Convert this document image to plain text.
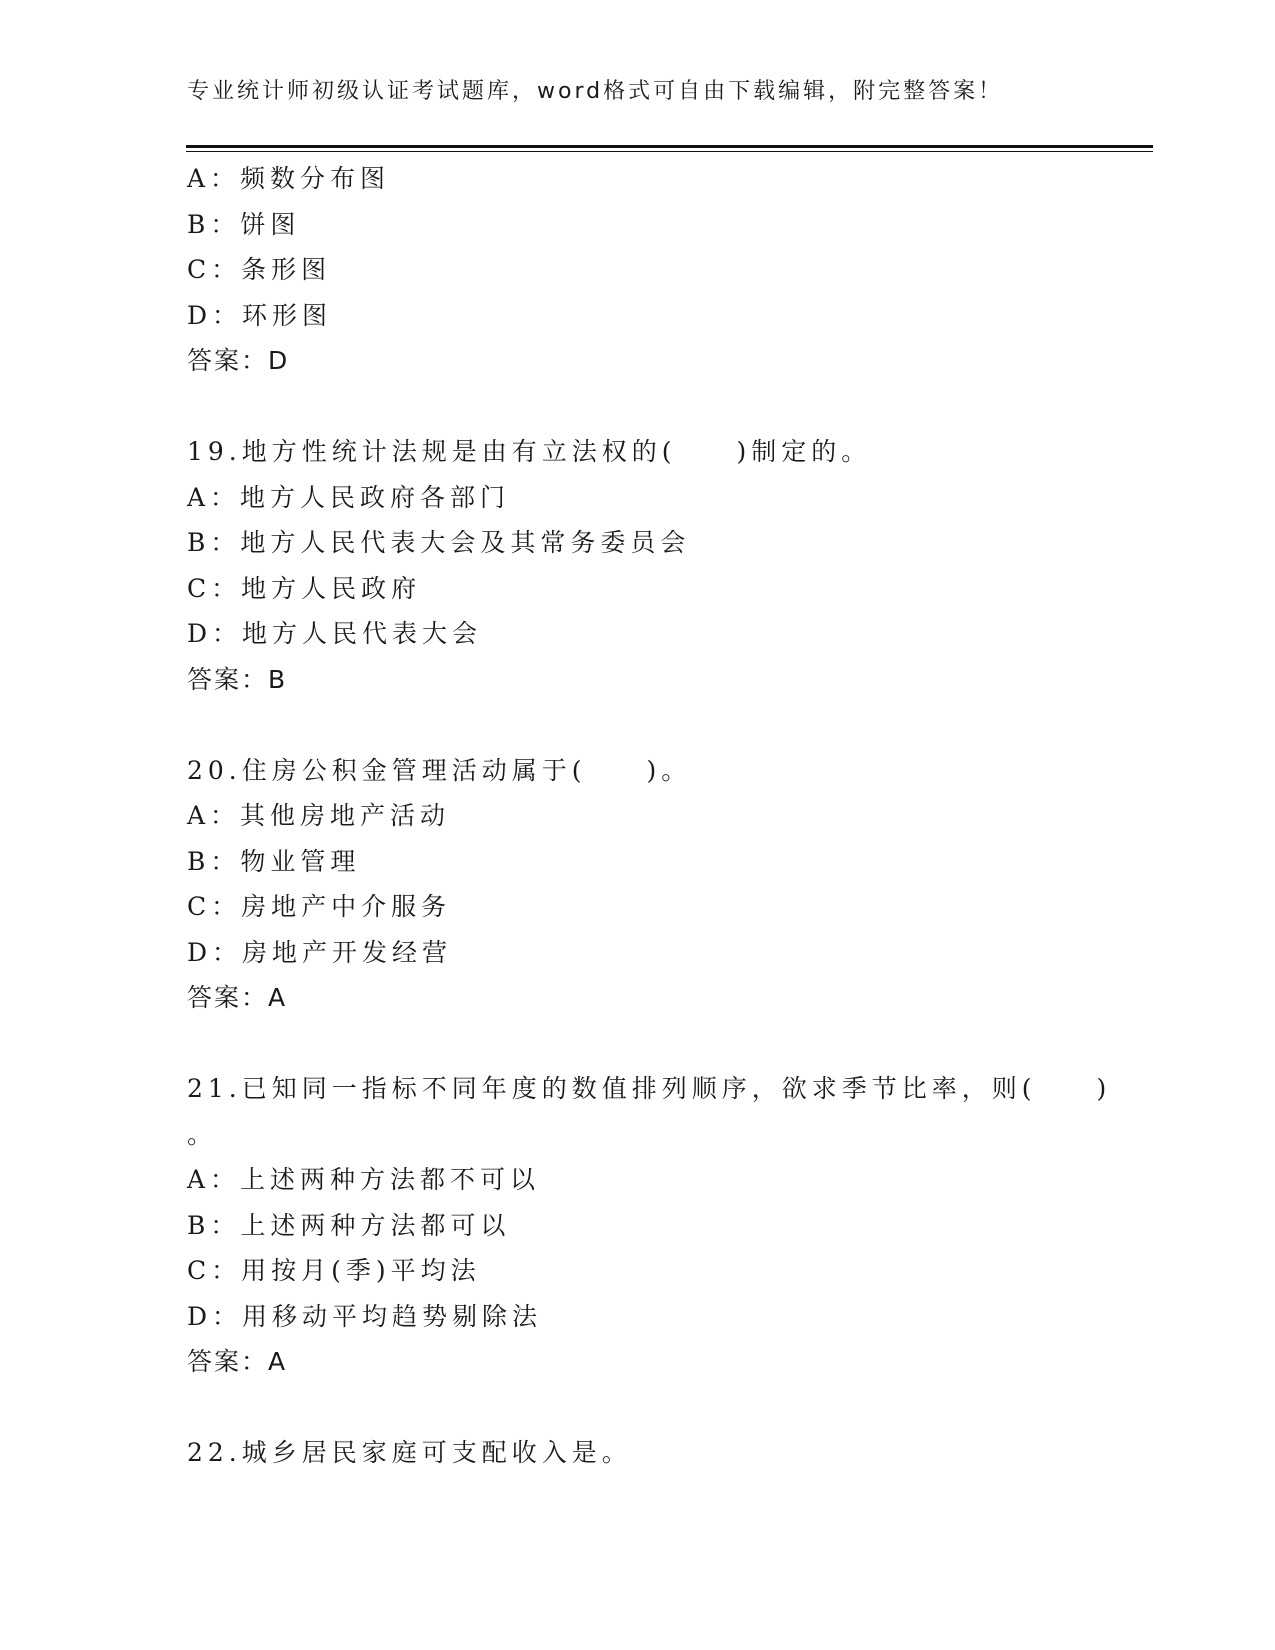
专业统计师初级认证考试题库，word格式可自由下载编辑，附完整答案！
A：频数分布图
B：饼图
C：条形图
D：环形图
答案：D
19.地方性统计法规是由有立法权的(　　)制定的。
A：地方人民政府各部门
B：地方人民代表大会及其常务委员会
C：地方人民政府
D：地方人民代表大会
答案：B
20.住房公积金管理活动属于(　　)。
A：其他房地产活动
B：物业管理
C：房地产中介服务
D：房地产开发经营
答案：A
21.已知同一指标不同年度的数值排列顺序，欲求季节比率，则(　　)
。
A：上述两种方法都不可以
B：上述两种方法都可以
C：用按月(季)平均法
D：用移动平均趋势剔除法
答案：A
22.城乡居民家庭可支配收入是。
